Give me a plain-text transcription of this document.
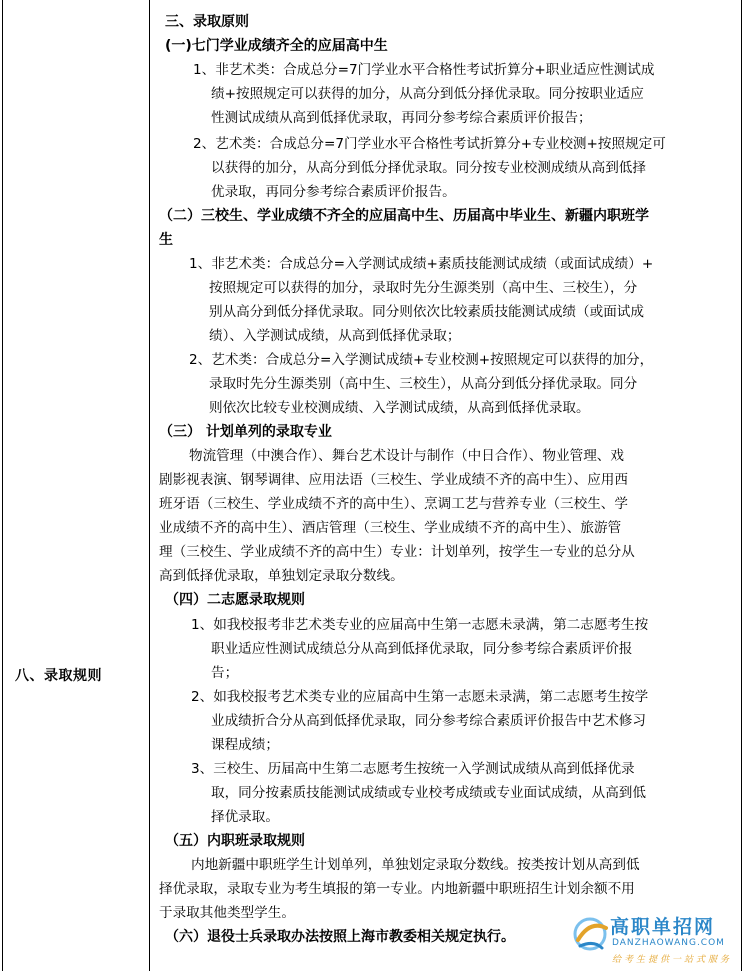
八、录取规则
三、录取原则
(一)七门学业成绩齐全的应届高中生
1、非艺术类：合成总分=7门学业水平合格性考试折算分+职业适应性测试成
绩+按照规定可以获得的加分，从高分到低分择优录取。同分按职业适应
性测试成绩从高到低择优录取，再同分参考综合素质评价报告；
2、艺术类：合成总分=7门学业水平合格性考试折算分+专业校测+按照规定可
以获得的加分，从高分到低分择优录取。同分按专业校测成绩从高到低择
优录取，再同分参考综合素质评价报告。
（二）三校生、学业成绩不齐全的应届高中生、历届高中毕业生、新疆内职班学
生
1、非艺术类：合成总分=入学测试成绩+素质技能测试成绩（或面试成绩）+
按照规定可以获得的加分，录取时先分生源类别（高中生、三校生），分
别从高分到低分择优录取。同分则依次比较素质技能测试成绩（或面试成
绩）、入学测试成绩，从高到低择优录取；
2、艺术类：合成总分=入学测试成绩+专业校测+按照规定可以获得的加分，
录取时先分生源类别（高中生、三校生），从高分到低分择优录取。同分
则依次比较专业校测成绩、入学测试成绩，从高到低择优录取。
（三） 计划单列的录取专业
物流管理（中澳合作）、舞台艺术设计与制作（中日合作）、物业管理、戏
剧影视表演、钢琴调律、应用法语（三校生、学业成绩不齐的高中生）、应用西
班牙语（三校生、学业成绩不齐的高中生）、烹调工艺与营养专业（三校生、学
业成绩不齐的高中生）、酒店管理（三校生、学业成绩不齐的高中生）、旅游管
理（三校生、学业成绩不齐的高中生）专业：计划单列，按学生一专业的总分从
高到低择优录取，单独划定录取分数线。
（四）二志愿录取规则
1、如我校报考非艺术类专业的应届高中生第一志愿未录满，第二志愿考生按
职业适应性测试成绩总分从高到低择优录取，同分参考综合素质评价报
告；
2、如我校报考艺术类专业的应届高中生第一志愿未录满，第二志愿考生按学
业成绩折合分从高到低择优录取，同分参考综合素质评价报告中艺术修习
课程成绩；
3、三校生、历届高中生第二志愿考生按统一入学测试成绩从高到低择优录
取，同分按素质技能测试成绩或专业校考成绩或专业面试成绩，从高到低
择优录取。
（五）内职班录取规则
内地新疆中职班学生计划单列，单独划定录取分数线。按类按计划从高到低
择优录取，录取专业为考生填报的第一专业。内地新疆中职班招生计划余额不用
于录取其他类型学生。
（六）退役士兵录取办法按照上海市教委相关规定执行。	高职单招网
DANZHAOWANG.COM
给考生提供一站式服务
